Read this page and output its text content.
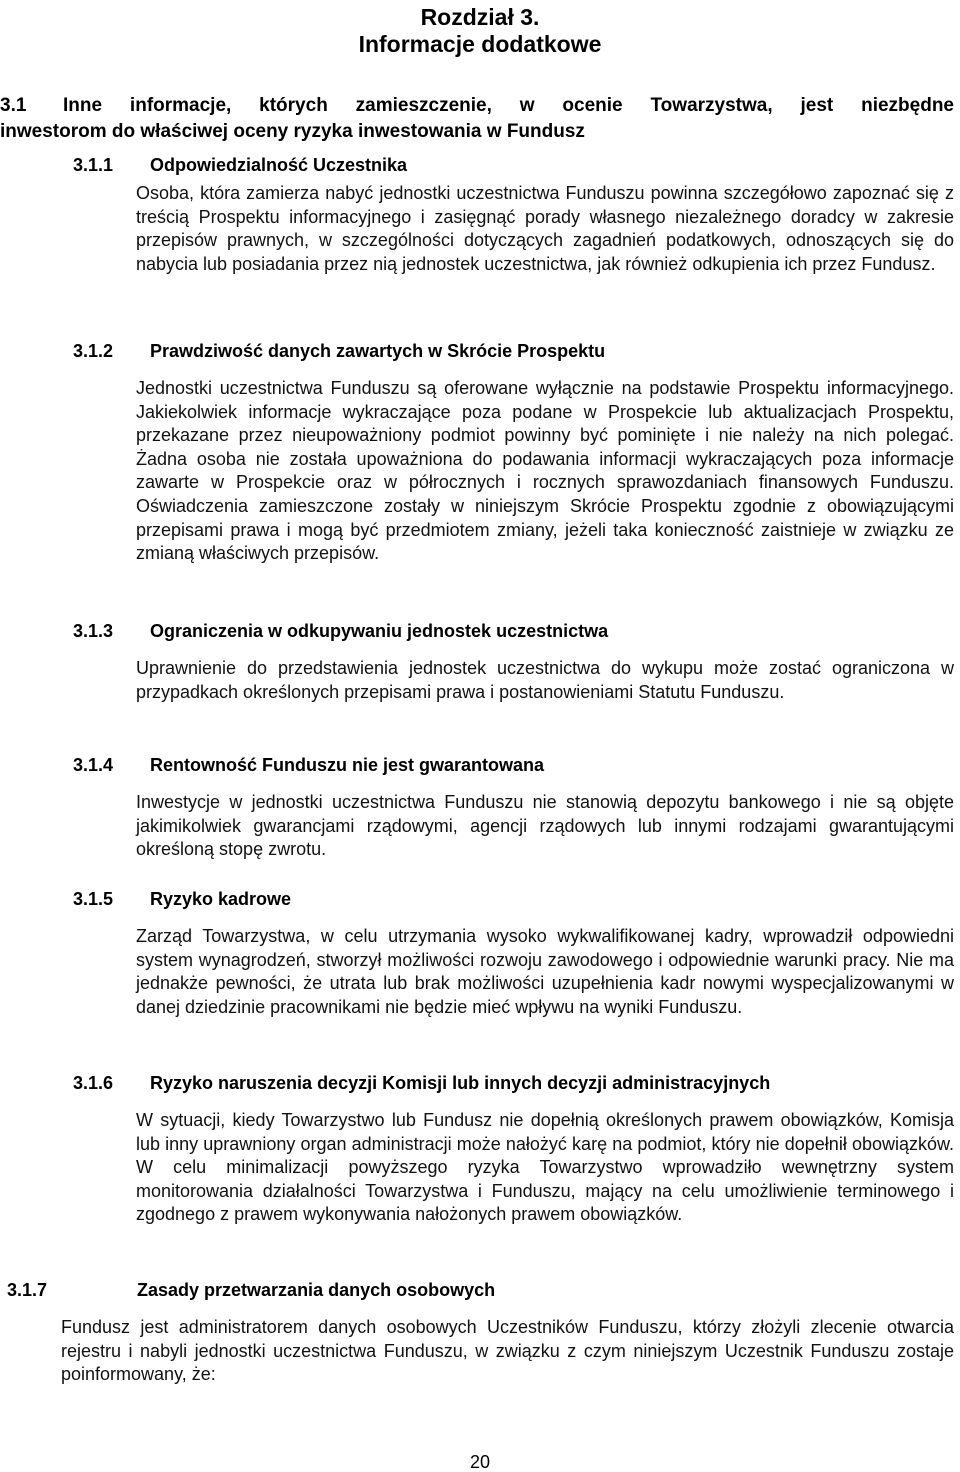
Rozdział 3.
Informacje dodatkowe
3.1 Inne informacje, których zamieszczenie, w ocenie Towarzystwa, jest niezbędne
inwestorom do właściwej oceny ryzyka inwestowania w Fundusz
3.1.1 Odpowiedzialność Uczestnika

Osoba, która zamierza nabyć jednostki uczestnictwa Funduszu powinna szczegółowo zapoznać się z treścią Prospektu informacyjnego i zasięgnąć porady własnego niezależnego doradcy w zakresie przepisów prawnych, w szczególności dotyczących zagadnień podatkowych, odnoszących się do nabycia lub posiadania przez nią jednostek uczestnictwa, jak również odkupienia ich przez Fundusz.

3.1.2 Prawdziwość danych zawartych w Skrócie Prospektu

Jednostki uczestnictwa Funduszu są oferowane wyłącznie na podstawie Prospektu informacyjnego. Jakiekolwiek informacje wykraczające poza podane w Prospekcie lub aktualizacjach Prospektu, przekazane przez nieupoważniony podmiot powinny być pominięte i nie należy na nich polegać. Żadna osoba nie została upoważniona do podawania informacji wykraczających poza informacje zawarte w Prospekcie oraz w półrocznych i rocznych sprawozdaniach finansowych Funduszu. Oświadczenia zamieszczone zostały w niniejszym Skrócie Prospektu zgodnie z obowiązującymi przepisami prawa i mogą być przedmiotem zmiany, jeżeli taka konieczność zaistnieje w związku ze zmianą właściwych przepisów.

3.1.3 Ograniczenia w odkupywaniu jednostek uczestnictwa

Uprawnienie do przedstawienia jednostek uczestnictwa do wykupu może zostać ograniczona w przypadkach określonych przepisami prawa i postanowieniami Statutu Funduszu.

3.1.4 Rentowność Funduszu nie jest gwarantowana

Inwestycje w jednostki uczestnictwa Funduszu nie stanowią depozytu bankowego i nie są objęte jakimikolwiek gwarancjami rządowymi, agencji rządowych lub innymi rodzajami gwarantującymi określoną stopę zwrotu.

3.1.5 Ryzyko kadrowe

Zarząd Towarzystwa, w celu utrzymania wysoko wykwalifikowanej kadry, wprowadził odpowiedni system wynagrodzeń, stworzył możliwości rozwoju zawodowego i odpowiednie warunki pracy. Nie ma jednakże pewności, że utrata lub brak możliwości uzupełnienia kadr nowymi wyspecjalizowanymi w danej dziedzinie pracownikami nie będzie mieć wpływu na wyniki Funduszu.

3.1.6 Ryzyko naruszenia decyzji Komisji lub innych decyzji administracyjnych

W sytuacji, kiedy Towarzystwo lub Fundusz nie dopełnią określonych prawem obowiązków, Komisja lub inny uprawniony organ administracji może nałożyć karę na podmiot, który nie dopełnił obowiązków. W celu minimalizacji powyższego ryzyka Towarzystwo wprowadziło wewnętrzny system monitorowania działalności Towarzystwa i Funduszu, mający na celu umożliwienie terminowego i zgodnego z prawem wykonywania nałożonych prawem obowiązków.

3.1.7	Zasady przetwarzania danych osobowych

Fundusz jest administratorem danych osobowych Uczestników Funduszu, którzy złożyli zlecenie otwarcia rejestru i nabyli jednostki uczestnictwa Funduszu, w związku z czym niniejszym Uczestnik Funduszu zostaje poinformowany, że:

20
